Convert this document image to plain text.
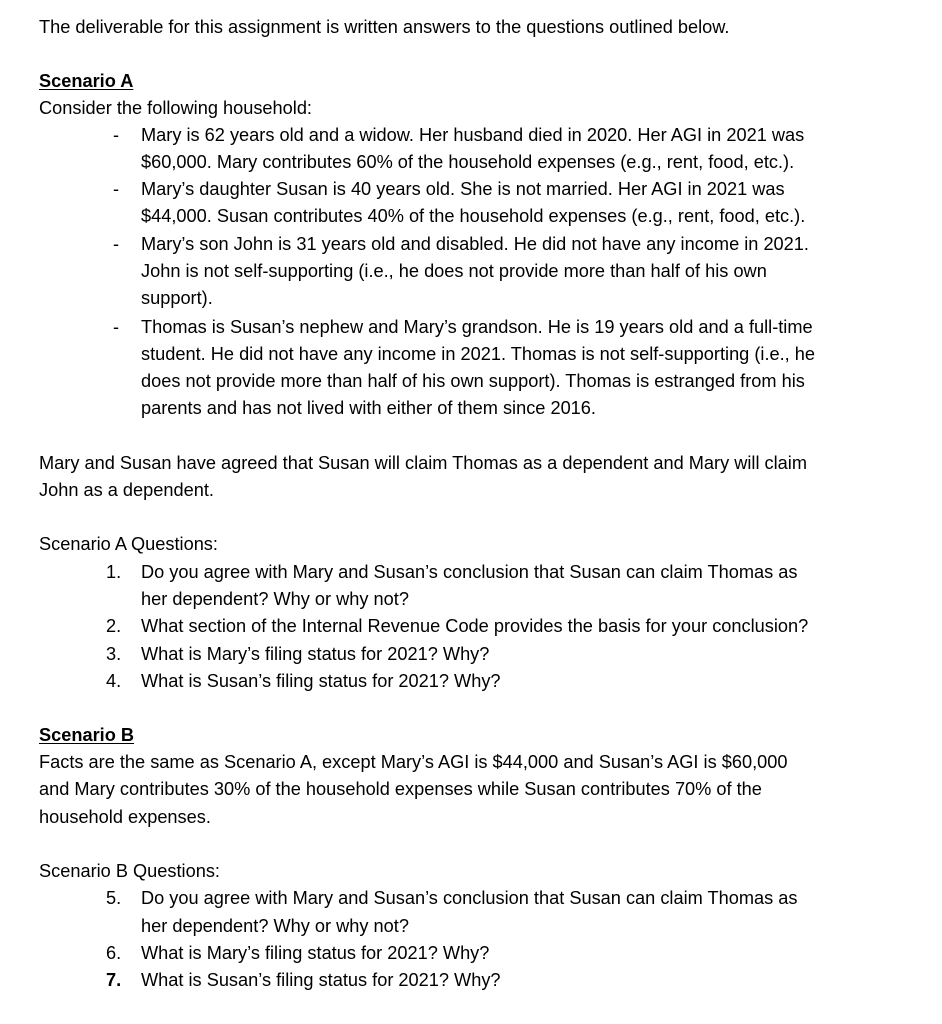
The deliverable for this assignment is written answers to the questions outlined below.
Scenario A
Consider the following household:
- Mary is 62 years old and a widow. Her husband died in 2020. Her AGI in 2021 was
$60,000. Mary contributes 60% of the household expenses (e.g., rent, food, etc.).
- Mary’s daughter Susan is 40 years old. She is not married. Her AGI in 2021 was
$44,000. Susan contributes 40% of the household expenses (e.g., rent, food, etc.).
- Mary’s son John is 31 years old and disabled. He did not have any income in 2021.
John is not self-supporting (i.e., he does not provide more than half of his own
support).
- Thomas is Susan’s nephew and Mary’s grandson. He is 19 years old and a full-time
student. He did not have any income in 2021. Thomas is not self-supporting (i.e., he
does not provide more than half of his own support). Thomas is estranged from his
parents and has not lived with either of them since 2016.
Mary and Susan have agreed that Susan will claim Thomas as a dependent and Mary will claim
John as a dependent.
Scenario A Questions:
1. Do you agree with Mary and Susan’s conclusion that Susan can claim Thomas as
her dependent? Why or why not?
2. What section of the Internal Revenue Code provides the basis for your conclusion?
3. What is Mary’s filing status for 2021? Why?
4. What is Susan’s filing status for 2021? Why?
Scenario B
Facts are the same as Scenario A, except Mary’s AGI is $44,000 and Susan’s AGI is $60,000
and Mary contributes 30% of the household expenses while Susan contributes 70% of the
household expenses.
Scenario B Questions:
5. Do you agree with Mary and Susan’s conclusion that Susan can claim Thomas as
her dependent? Why or why not?
6. What is Mary’s filing status for 2021? Why?
7. What is Susan’s filing status for 2021? Why?
